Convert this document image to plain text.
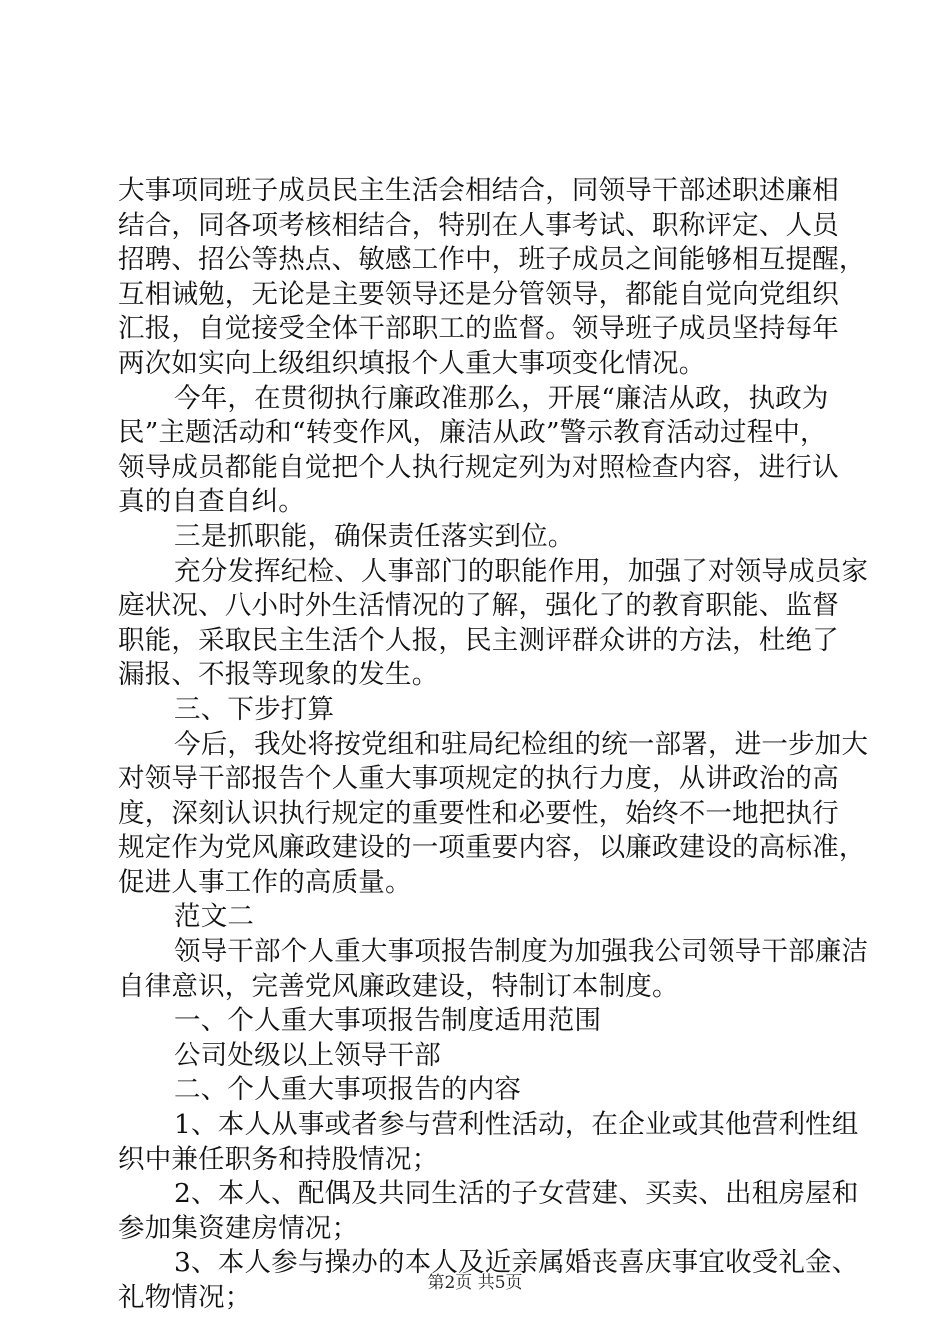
大事项同班子成员民主生活会相结合，同领导干部述职述廉相
结合，同各项考核相结合，特别在人事考试、职称评定、人员
招聘、招公等热点、敏感工作中，班子成员之间能够相互提醒，
互相诫勉，无论是主要领导还是分管领导，都能自觉向党组织
汇报，自觉接受全体干部职工的监督。领导班子成员坚持每年
两次如实向上级组织填报个人重大事项变化情况。
今年，在贯彻执行廉政准那么，开展“廉洁从政，执政为
民”主题活动和“转变作风，廉洁从政”警示教育活动过程中，
领导成员都能自觉把个人执行规定列为对照检查内容，进行认
真的自查自纠。
三是抓职能，确保责任落实到位。
充分发挥纪检、人事部门的职能作用，加强了对领导成员家
庭状况、八小时外生活情况的了解，强化了的教育职能、监督
职能，采取民主生活个人报，民主测评群众讲的方法，杜绝了
漏报、不报等现象的发生。
三、下步打算
今后，我处将按党组和驻局纪检组的统一部署，进一步加大
对领导干部报告个人重大事项规定的执行力度，从讲政治的高
度，深刻认识执行规定的重要性和必要性，始终不一地把执行
规定作为党风廉政建设的一项重要内容，以廉政建设的高标准，
促进人事工作的高质量。
范文二
领导干部个人重大事项报告制度为加强我公司领导干部廉洁
自律意识，完善党风廉政建设，特制订本制度。
一、个人重大事项报告制度适用范围
公司处级以上领导干部
二、个人重大事项报告的内容
1、本人从事或者参与营利性活动，在企业或其他营利性组
织中兼任职务和持股情况；
2、本人、配偶及共同生活的子女营建、买卖、出租房屋和
参加集资建房情况；
3、本人参与操办的本人及近亲属婚丧喜庆事宜收受礼金、
礼物情况；	第2页 共5页
